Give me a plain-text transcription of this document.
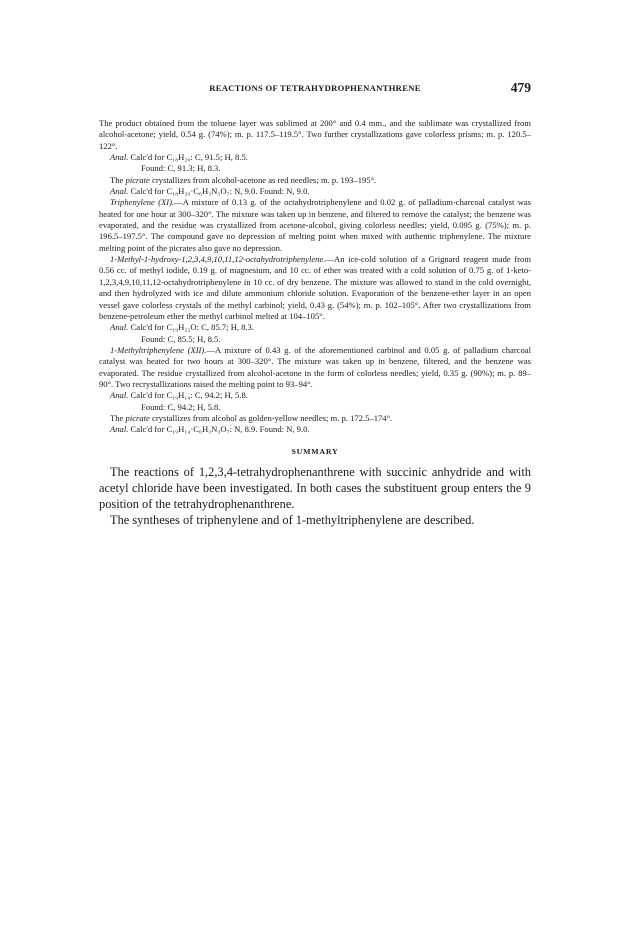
REACTIONS OF TETRAHYDROPHENANTHRENE	479

The product obtained from the toluene layer was sublimed at 200° and 0.4 mm., and the sublimate was crystallized from alcohol-acetone; yield, 0.54 g. (74%); m. p. 117.5–119.5°. Two further crystallizations gave colorless prisms; m. p. 120.5–122°.

Anal. Calc'd for C₁₈H₂₀: C, 91.5; H, 8.5.

Found: C, 91.3; H, 8.3.

The picrate crystallizes from alcohol-acetone as red needles; m. p. 193–195°.

Anal. Calc'd for C₁₈H₂₀·C₆H₃N₃O₇: N, 9.0. Found: N, 9.0.

Triphenylene (XI).—A mixture of 0.13 g. of the octahydrotriphenylene and 0.02 g. of palladium-charcoal catalyst was heated for one hour at 300–320°. The mixture was taken up in benzene, and filtered to remove the catalyst; the benzene was evaporated, and the residue was crystallized from acetone-alcohol, giving colorless needles; yield, 0.095 g. (75%); m. p. 196.5–197.5°. The compound gave no depression of melting point when mixed with authentic triphenylene. The mixture melting point of the picrates also gave no depression.

1-Methyl-1-hydroxy-1,2,3,4,9,10,11,12-octahydrotriphenylene.—An ice-cold solution of a Grignard reagent made from 0.56 cc. of methyl iodide, 0.19 g. of magnesium, and 10 cc. of ether was treated with a cold solution of 0.75 g. of 1-keto-1,2,3,4,9,10,11,12-octahydrotriphenylene in 10 cc. of dry benzene. The mixture was allowed to stand in the cold overnight, and then hydrolyzed with ice and dilute ammonium chloride solution. Evaporation of the benzene-ether layer in an open vessel gave colorless crystals of the methyl carbinol; yield, 0.43 g. (54%); m. p. 102–105°. After two crystallizations from benzene-petroleum ether the methyl carbinol melted at 104–105°.

Anal. Calc'd for C₁₉H₂₂O: C, 85.7; H, 8.3.

Found: C, 85.5; H, 8.5.

1-Methyltriphenylene (XII).—A mixture of 0.43 g. of the aforementioned carbinol and 0.05 g. of palladium charcoal catalyst was heated for two hours at 300–320°. The mixture was taken up in benzene, filtered, and the benzene was evaporated. The residue crystallized from alcohol-acetone in the form of colorless needles; yield, 0.35 g. (90%); m. p. 89–90°. Two recrystallizations raised the melting point to 93–94°.

Anal. Calc'd for C₁₉H₁₄: C, 94.2; H, 5.8.

Found: C, 94.2; H, 5.8.

The picrate crystallizes from alcohol as golden-yellow needles; m. p. 172.5–174°.

Anal. Calc'd for C₁₉H₁₄·C₆H₃N₃O₇: N, 8.9. Found: N, 9.0.

SUMMARY

The reactions of 1,2,3,4-tetrahydrophenanthrene with succinic anhydride and with acetyl chloride have been investigated. In both cases the substituent group enters the 9 position of the tetrahydrophenanthrene.

The syntheses of triphenylene and of 1-methyltriphenylene are described.
